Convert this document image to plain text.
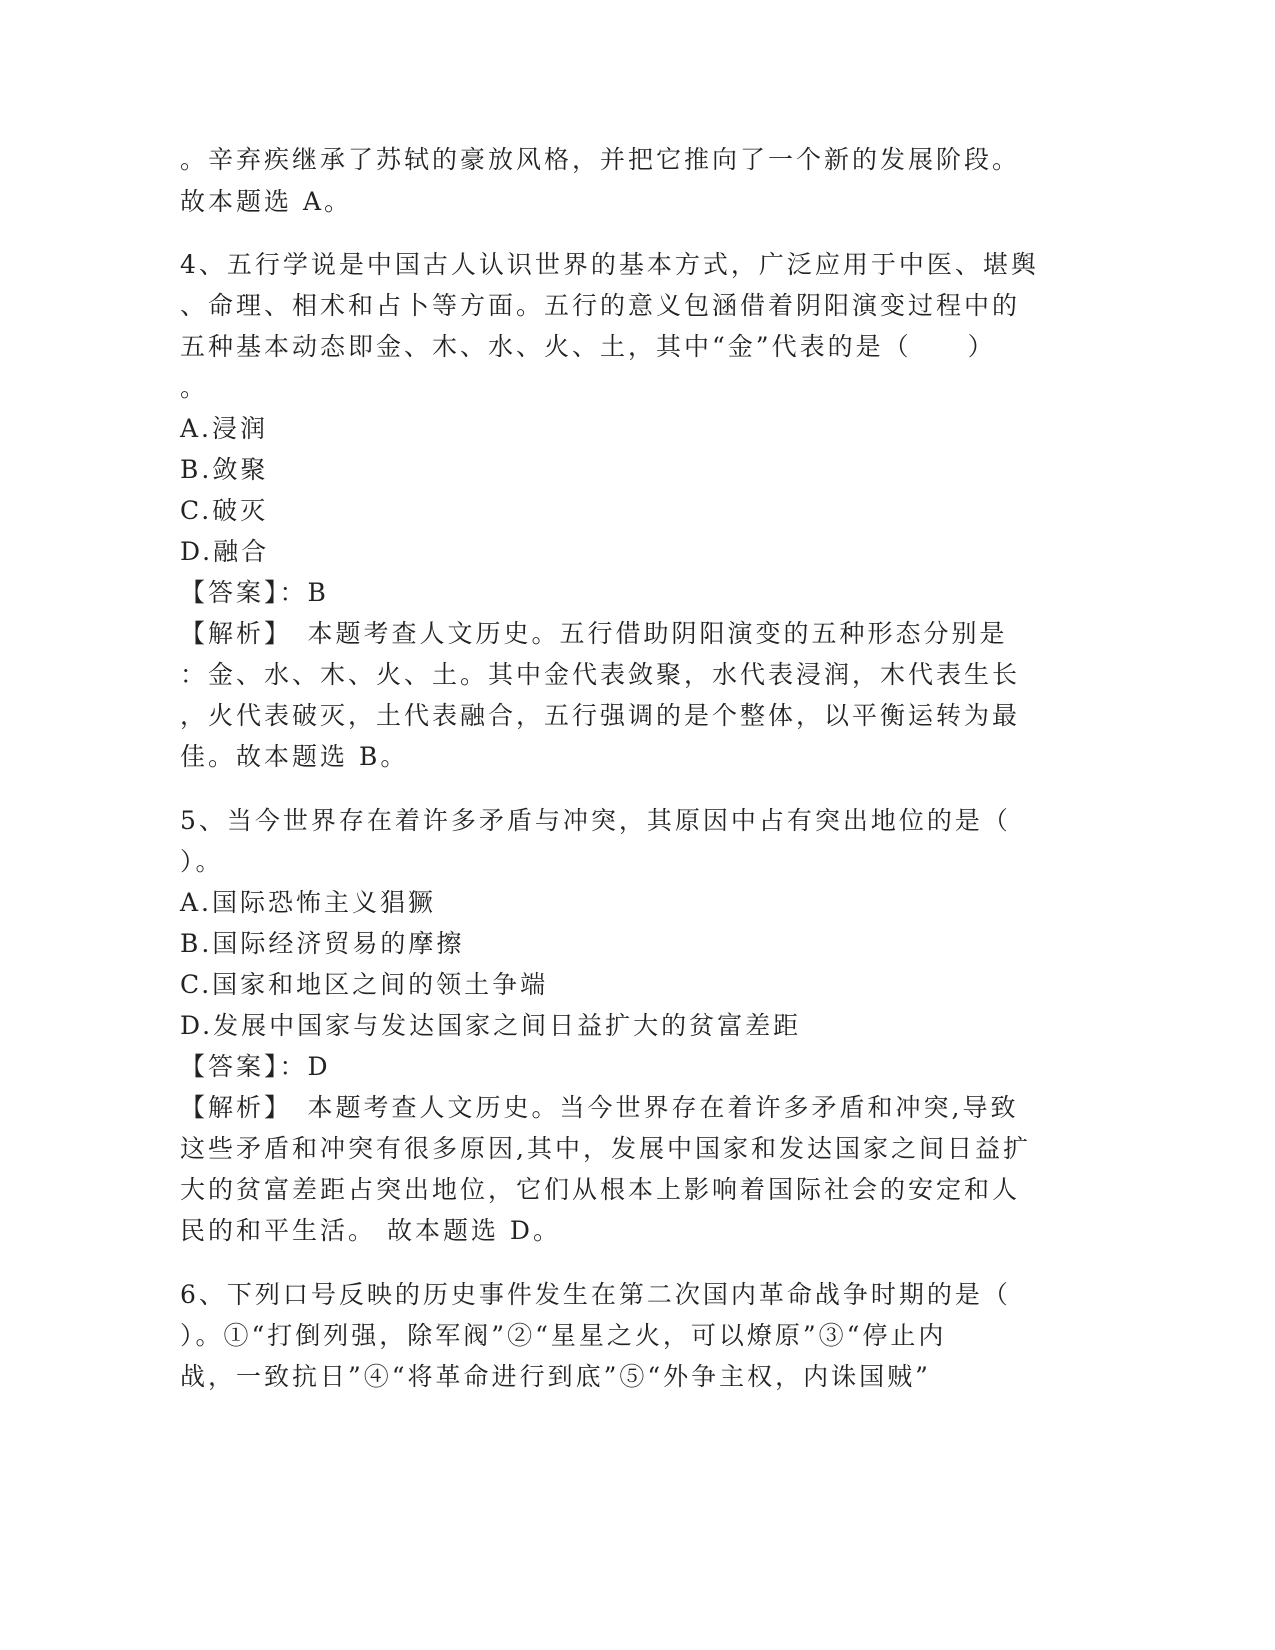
。辛弃疾继承了苏轼的豪放风格，并把它推向了一个新的发展阶段。
故本题选 A。
4、五行学说是中国古人认识世界的基本方式，广泛应用于中医、堪舆
、命理、相术和占卜等方面。五行的意义包涵借着阴阳演变过程中的
五种基本动态即金、木、水、火、土，其中“金”代表的是（　　）
。
A.浸润
B.敛聚
C.破灭
D.融合
【答案】：B
【解析】　本题考查人文历史。五行借助阴阳演变的五种形态分别是
：金、水、木、火、土。其中金代表敛聚，水代表浸润，木代表生长
，火代表破灭，土代表融合，五行强调的是个整体，以平衡运转为最
佳。故本题选 B。
5、当今世界存在着许多矛盾与冲突，其原因中占有突出地位的是（
）。
A.国际恐怖主义猖獗
B.国际经济贸易的摩擦
C.国家和地区之间的领土争端
D.发展中国家与发达国家之间日益扩大的贫富差距
【答案】：D
【解析】　本题考查人文历史。当今世界存在着许多矛盾和冲突,导致
这些矛盾和冲突有很多原因,其中，发展中国家和发达国家之间日益扩
大的贫富差距占突出地位，它们从根本上影响着国际社会的安定和人
民的和平生活。 故本题选 D。
6、下列口号反映的历史事件发生在第二次国内革命战争时期的是（
）。①“打倒列强，除军阀”②“星星之火，可以燎原”③“停止内
战，一致抗日”④“将革命进行到底”⑤“外争主权，内诛国贼”
